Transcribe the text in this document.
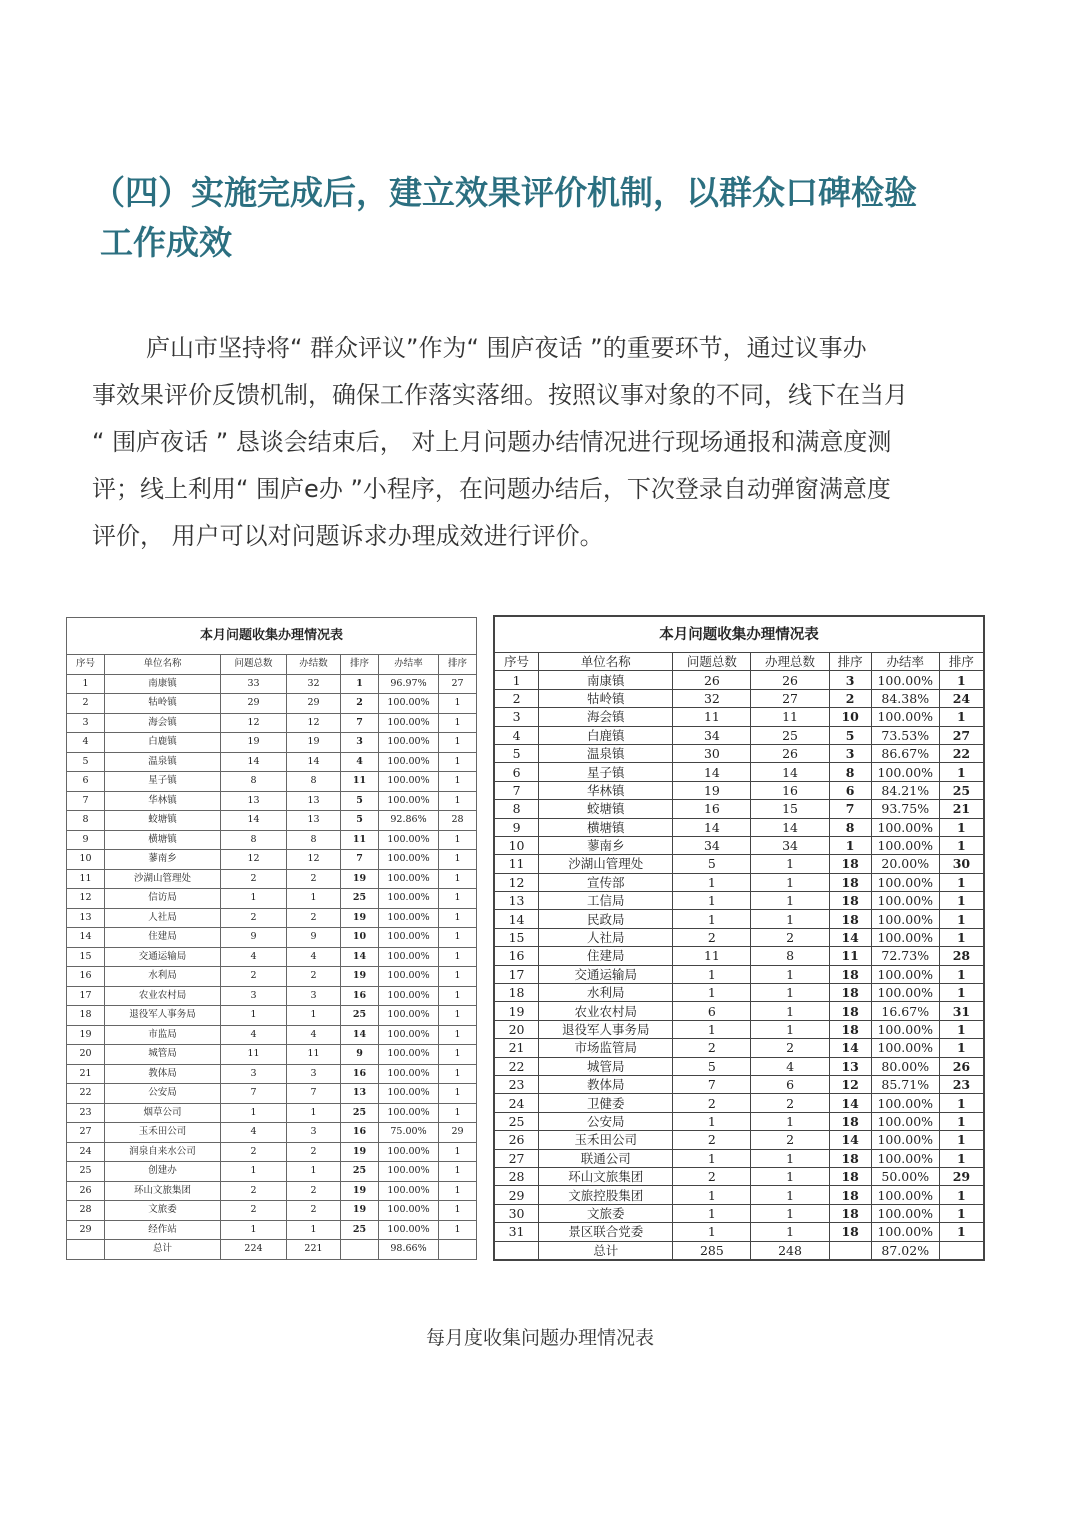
（四）实施完成后，建立效果评价机制，以群众口碑检验
工作成效
庐山市坚持将“ 群众评议”作为“ 围庐夜话 ”的重要环节，通过议事办
事效果评价反馈机制，确保工作落实落细。按照议事对象的不同，线下在当月
“ 围庐夜话 ” 恳谈会结束后， 对上月问题办结情况进行现场通报和满意度测
评；线上利用“ 围庐e办 ”小程序，在问题办结后，下次登录自动弹窗满意度
评价， 用户可以对问题诉求办理成效进行评价。
本月问题收集办理情况表						
序号	单位名称	问题总数	办结数	排序	办结率	排序
1	南康镇	33	32	1	96.97%	27
2	牯岭镇	29	29	2	100.00%	1
3	海会镇	12	12	7	100.00%	1
4	白鹿镇	19	19	3	100.00%	1
5	温泉镇	14	14	4	100.00%	1
6	星子镇	8	8	11	100.00%	1
7	华林镇	13	13	5	100.00%	1
8	蛟塘镇	14	13	5	92.86%	28
9	横塘镇	8	8	11	100.00%	1
10	蓼南乡	12	12	7	100.00%	1
11	沙湖山管理处	2	2	19	100.00%	1
12	信访局	1	1	25	100.00%	1
13	人社局	2	2	19	100.00%	1
14	住建局	9	9	10	100.00%	1
15	交通运输局	4	4	14	100.00%	1
16	水利局	2	2	19	100.00%	1
17	农业农村局	3	3	16	100.00%	1
18	退役军人事务局	1	1	25	100.00%	1
19	市监局	4	4	14	100.00%	1
20	城管局	11	11	9	100.00%	1
21	教体局	3	3	16	100.00%	1
22	公安局	7	7	13	100.00%	1
23	烟草公司	1	1	25	100.00%	1
27	玉禾田公司	4	3	16	75.00%	29
24	润泉自来水公司	2	2	19	100.00%	1
25	创建办	1	1	25	100.00%	1
26	环山文旅集团	2	2	19	100.00%	1
28	文旅委	2	2	19	100.00%	1
29	经作站	1	1	25	100.00%	1
	总计	224	221		98.66%	
本月问题收集办理情况表						
序号	单位名称	问题总数	办理总数	排序	办结率	排序
1	南康镇	26	26	3	100.00%	1
2	牯岭镇	32	27	2	84.38%	24
3	海会镇	11	11	10	100.00%	1
4	白鹿镇	34	25	5	73.53%	27
5	温泉镇	30	26	3	86.67%	22
6	星子镇	14	14	8	100.00%	1
7	华林镇	19	16	6	84.21%	25
8	蛟塘镇	16	15	7	93.75%	21
9	横塘镇	14	14	8	100.00%	1
10	蓼南乡	34	34	1	100.00%	1
11	沙湖山管理处	5	1	18	20.00%	30
12	宣传部	1	1	18	100.00%	1
13	工信局	1	1	18	100.00%	1
14	民政局	1	1	18	100.00%	1
15	人社局	2	2	14	100.00%	1
16	住建局	11	8	11	72.73%	28
17	交通运输局	1	1	18	100.00%	1
18	水利局	1	1	18	100.00%	1
19	农业农村局	6	1	18	16.67%	31
20	退役军人事务局	1	1	18	100.00%	1
21	市场监管局	2	2	14	100.00%	1
22	城管局	5	4	13	80.00%	26
23	教体局	7	6	12	85.71%	23
24	卫健委	2	2	14	100.00%	1
25	公安局	1	1	18	100.00%	1
26	玉禾田公司	2	2	14	100.00%	1
27	联通公司	1	1	18	100.00%	1
28	环山文旅集团	2	1	18	50.00%	29
29	文旅控股集团	1	1	18	100.00%	1
30	文旅委	1	1	18	100.00%	1
31	景区联合党委	1	1	18	100.00%	1
	总计	285	248		87.02%	
每月度收集问题办理情况表
